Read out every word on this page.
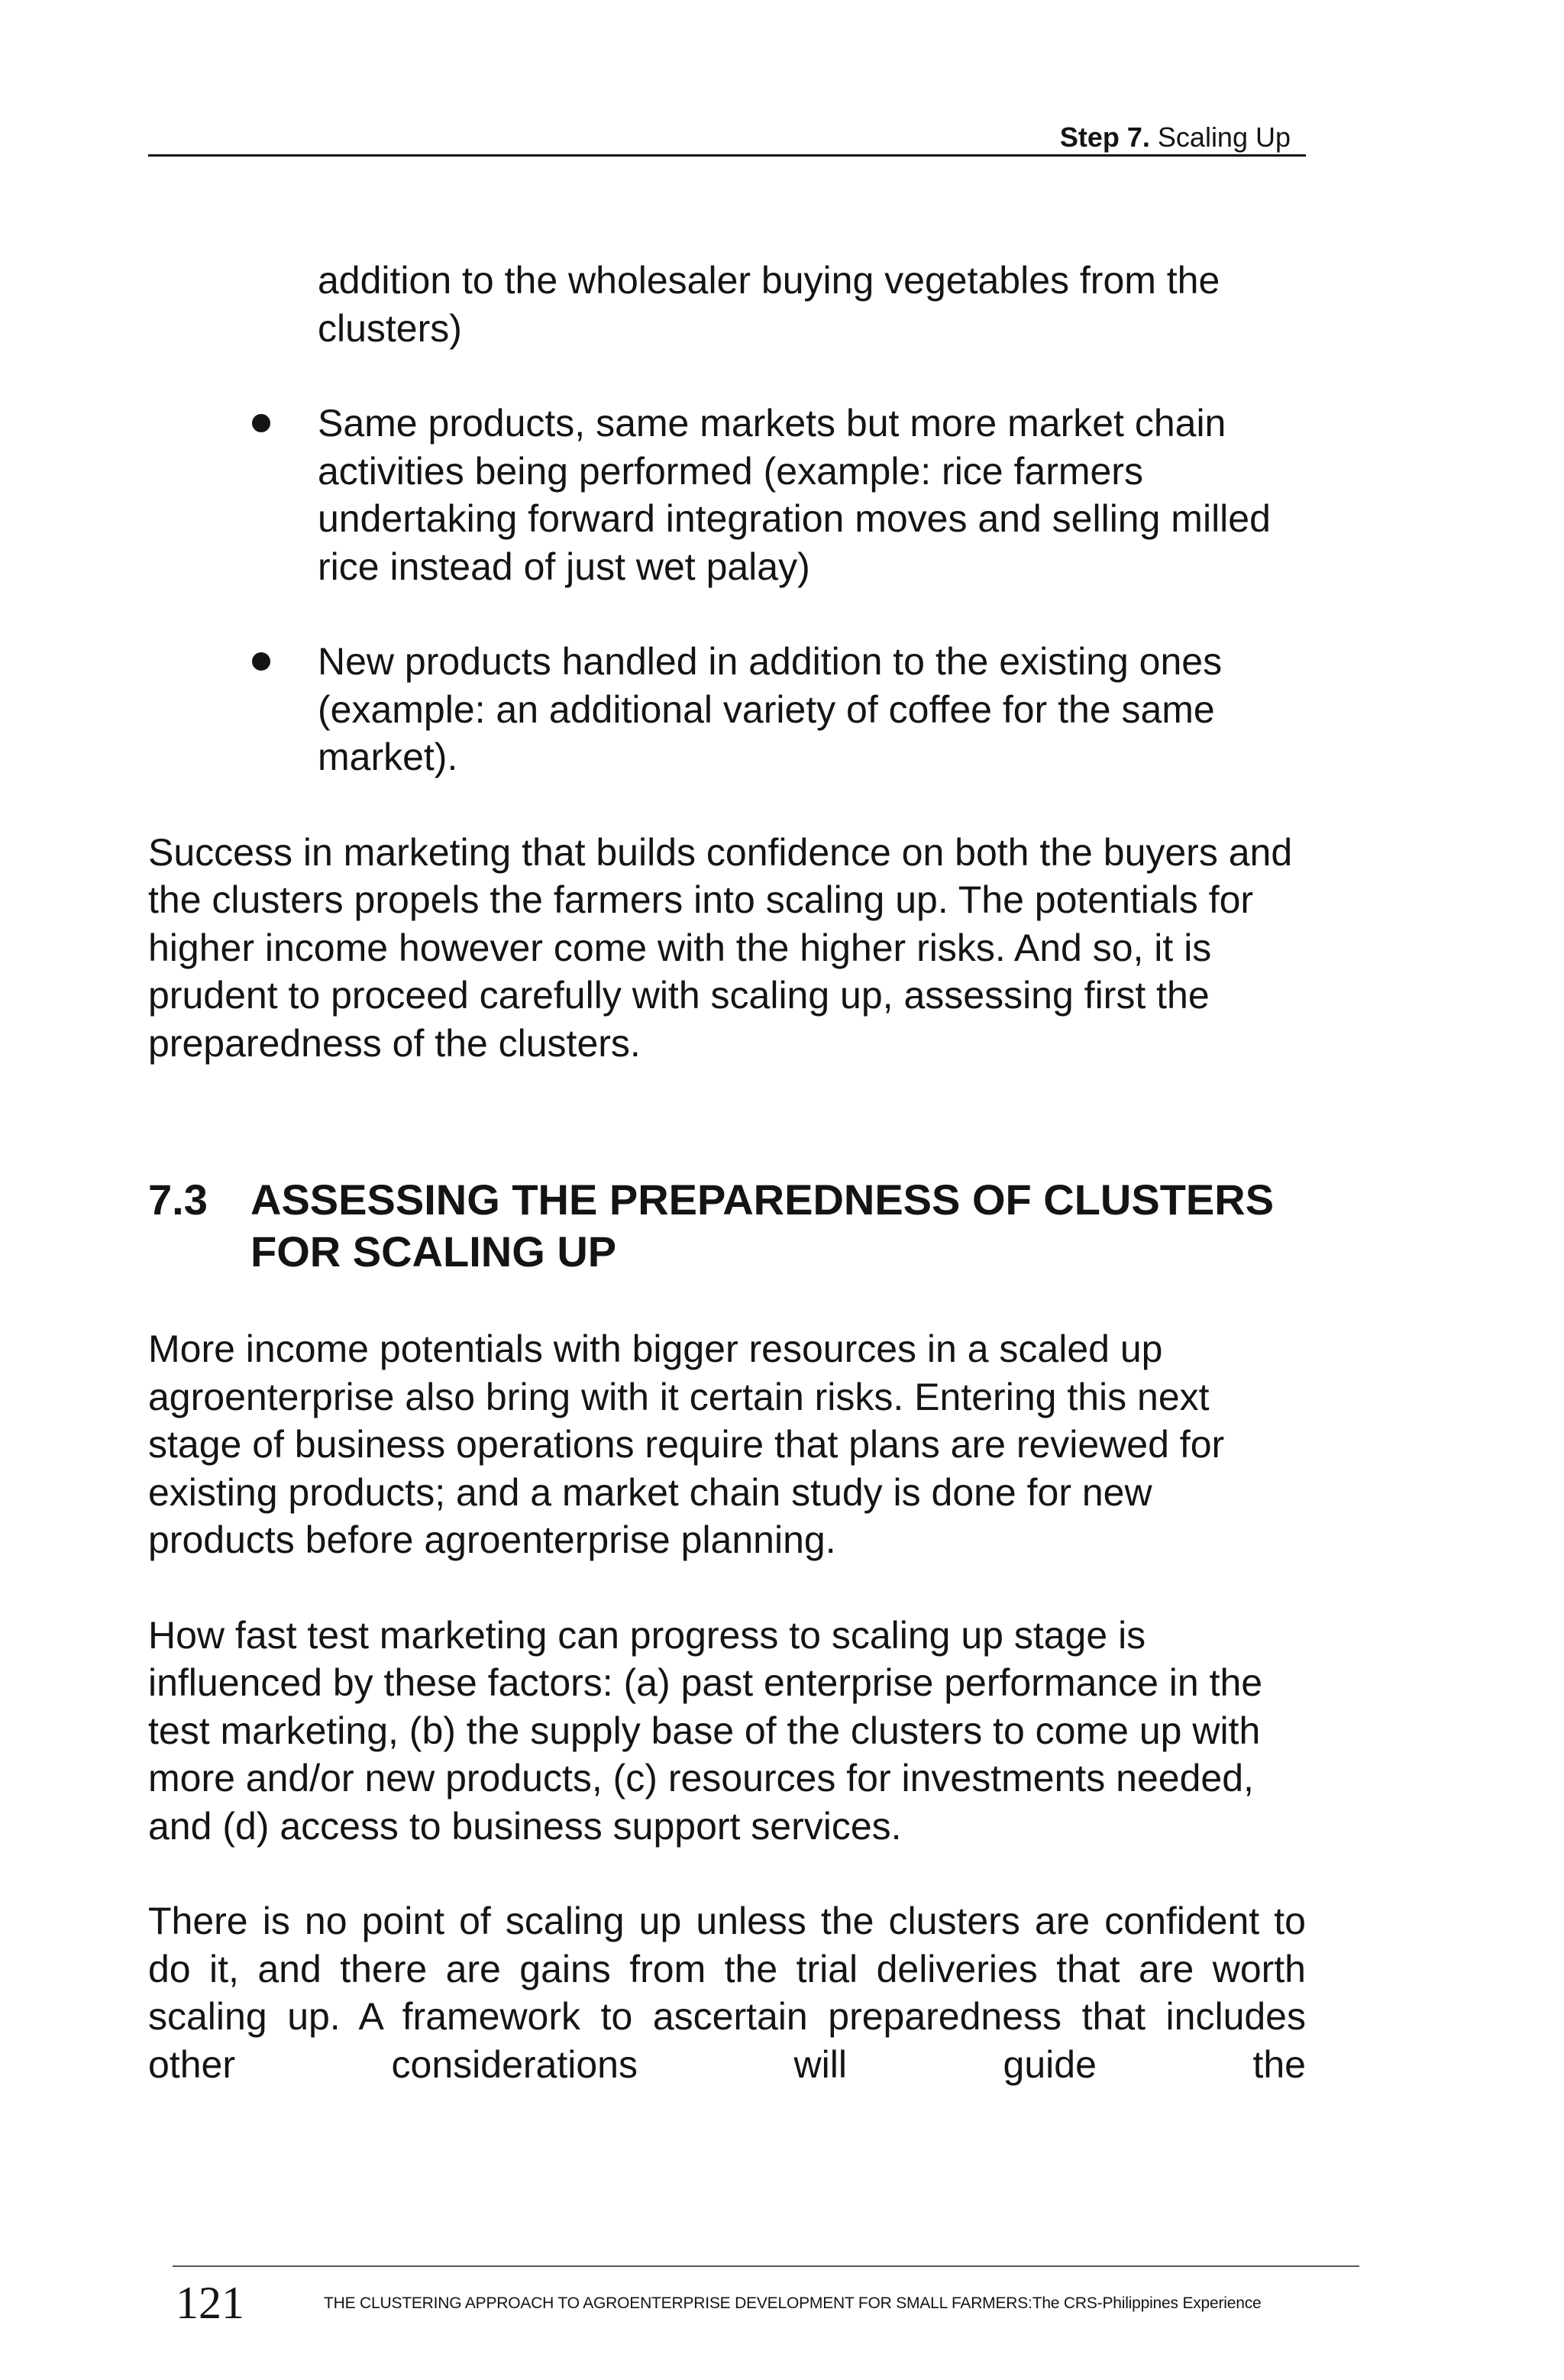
Step 7. Scaling Up

addition to the wholesaler buying vegetables from the clusters)

Same products, same markets but more market chain activities being performed (example: rice farmers undertaking forward integration moves and selling milled rice instead of just wet palay)
New products handled in addition to the existing ones (example: an additional variety of coffee for the same market).

Success in marketing that builds confidence on both the buyers and the clusters propels the farmers into scaling up. The potentials for higher income however come with the higher risks. And so, it is prudent to proceed carefully with scaling up, assessing first the preparedness of the clusters.

7.3 ASSESSING THE PREPAREDNESS OF CLUSTERS FOR SCALING UP

More income potentials with bigger resources in a scaled up agroenterprise also bring with it certain risks. Entering this next stage of business operations require that plans are reviewed for existing products; and a market chain study is done for new products before agroenterprise planning.

How fast test marketing can progress to scaling up stage is influenced by these factors: (a) past enterprise performance in the test marketing, (b) the supply base of the clusters to come up with more and/or new products, (c) resources for investments needed, and (d) access to business support services.

There is no point of scaling up unless the clusters are confident to do it, and there are gains from the trial deliveries that are worth scaling up. A framework to ascertain preparedness that includes other considerations will guide the

121	THE CLUSTERING APPROACH TO AGROENTERPRISE DEVELOPMENT FOR SMALL FARMERS:The CRS-Philippines Experience
